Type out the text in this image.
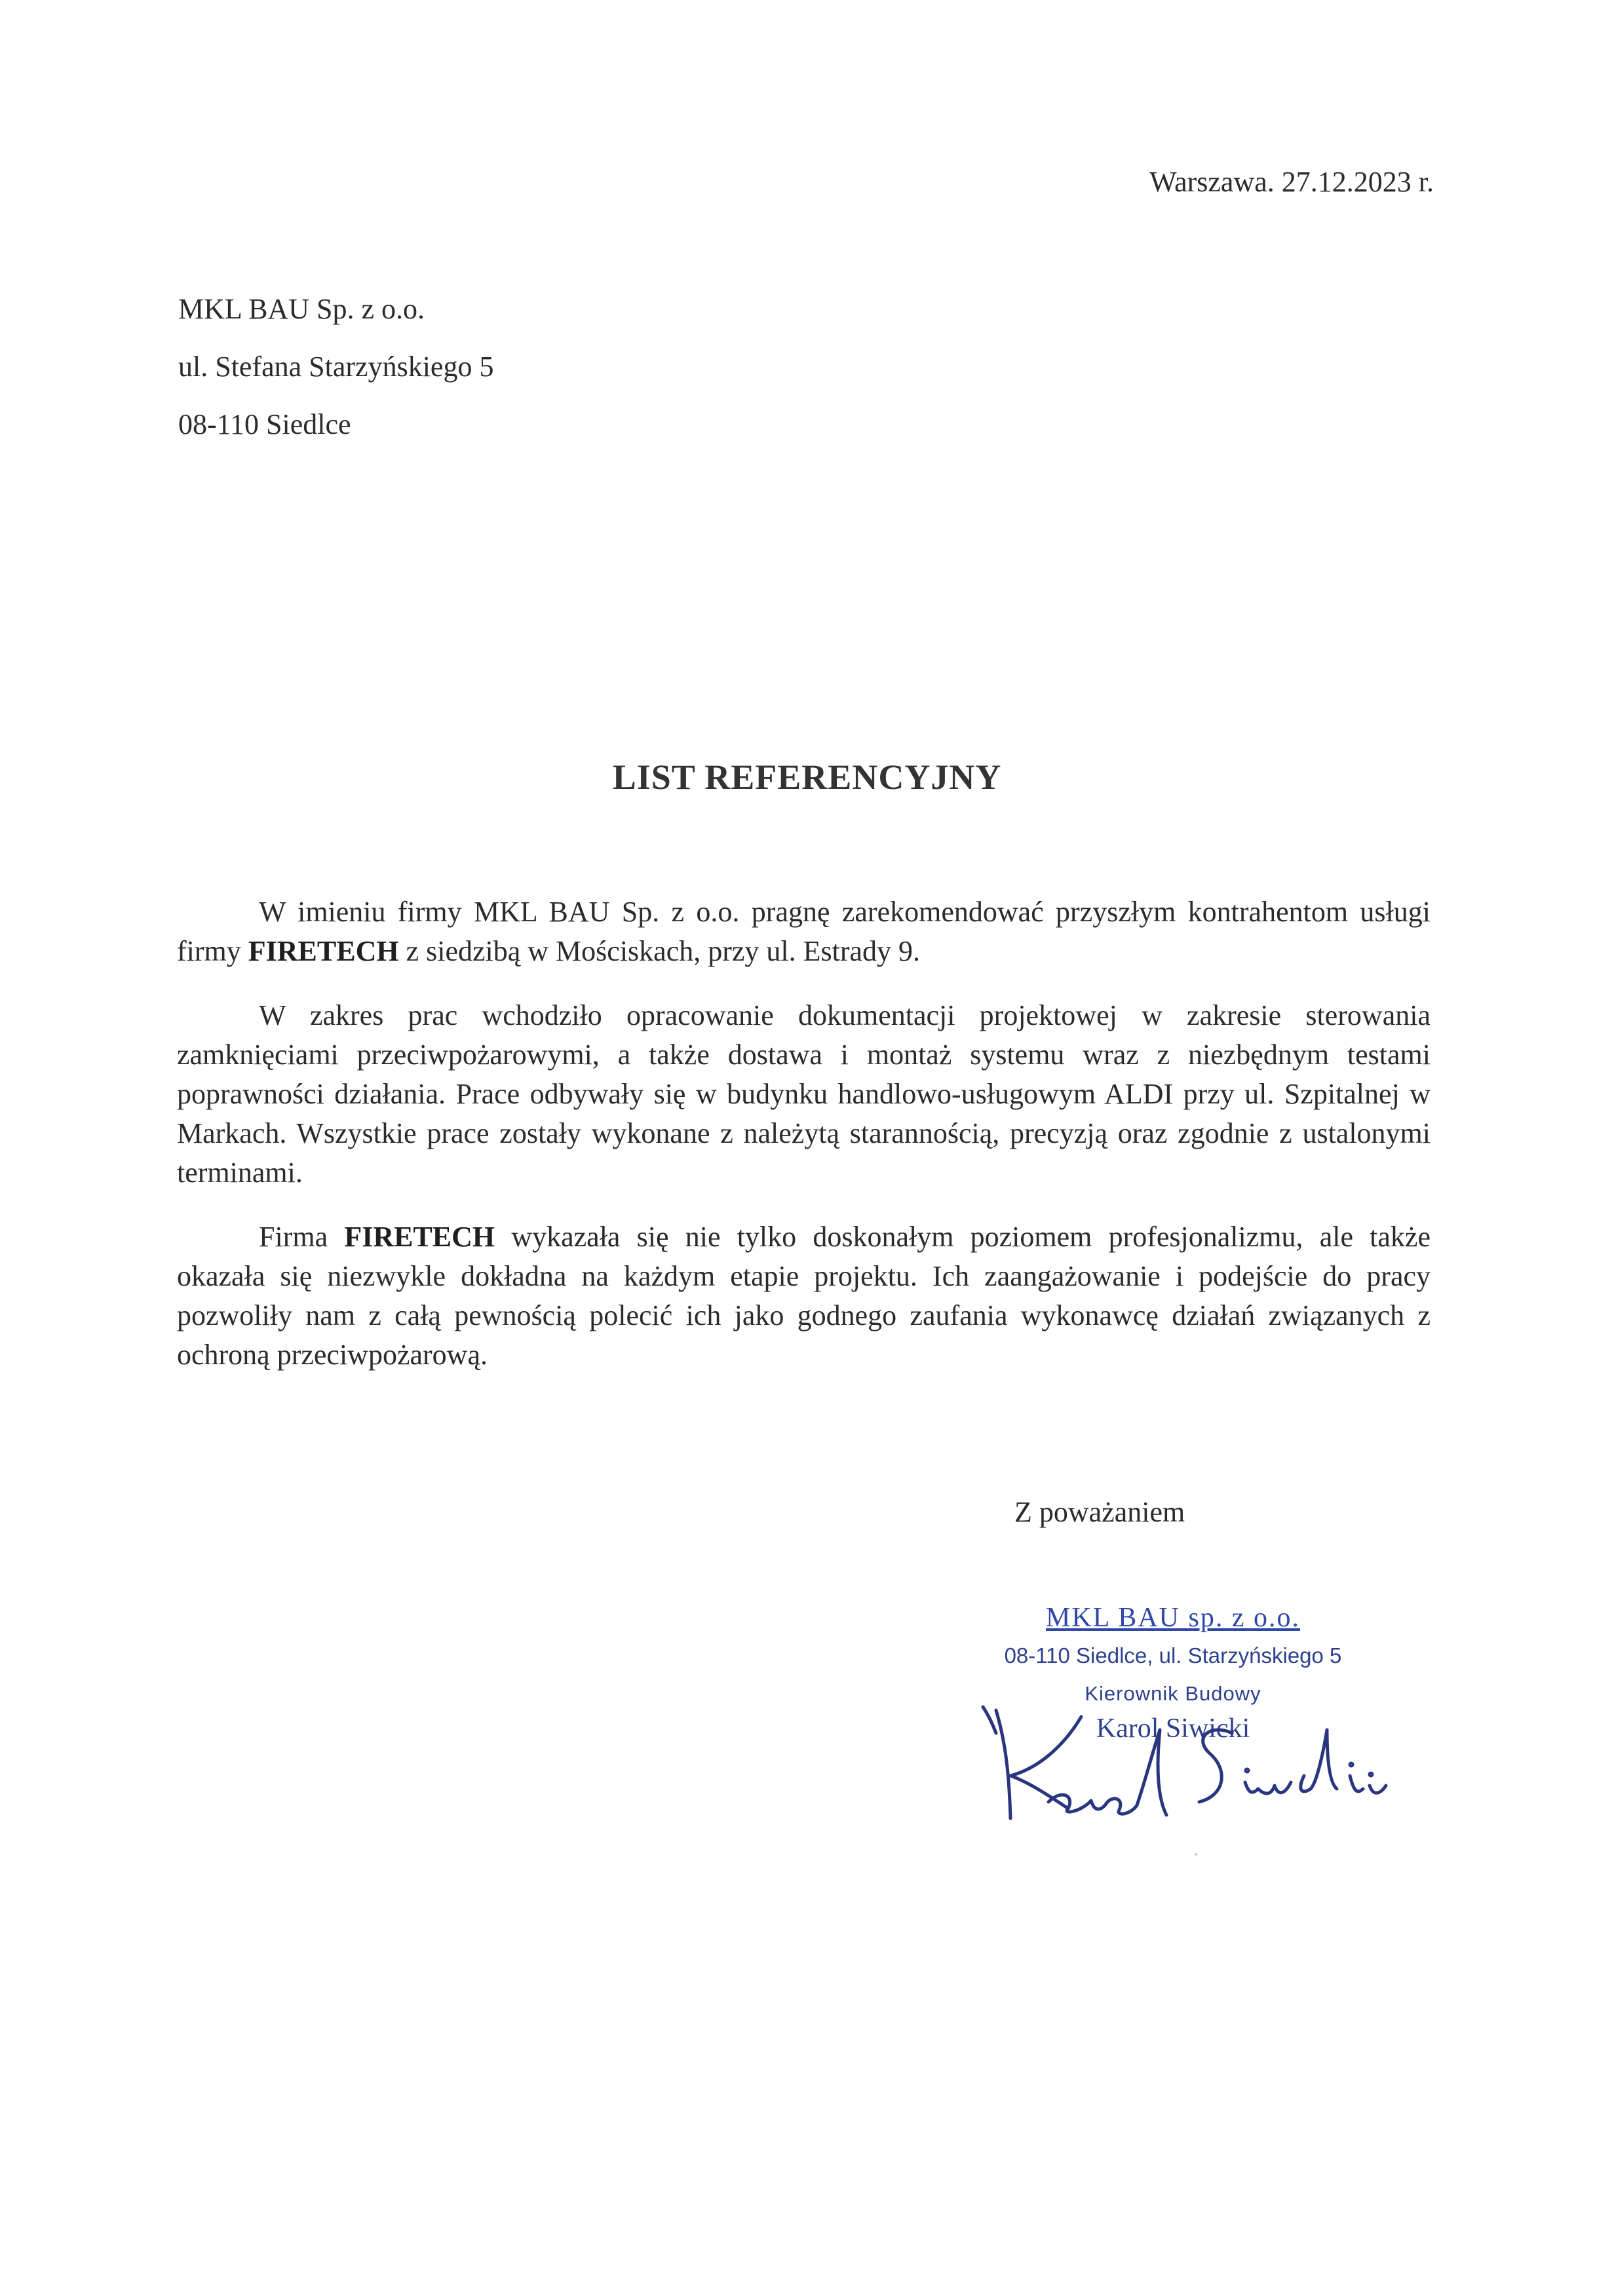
Warszawa. 27.12.2023 r.
MKL BAU Sp. z o.o.
ul. Stefana Starzyńskiego 5
08-110 Siedlce
LIST REFERENCYJNY

W imieniu firmy MKL BAU Sp. z o.o. pragnę zarekomendować przyszłym kontrahentom usługi firmy FIRETECH z siedzibą w Mościskach, przy ul. Estrady 9.

W zakres prac wchodziło opracowanie dokumentacji projektowej w zakresie sterowania zamknięciami przeciwpożarowymi, a także dostawa i montaż systemu wraz z niezbędnym testami poprawności działania. Prace odbywały się w budynku handlowo-usługowym ALDI przy ul. Szpitalnej w Markach. Wszystkie prace zostały wykonane z należytą starannością, precyzją oraz zgodnie z ustalonymi terminami.

Firma FIRETECH wykazała się nie tylko doskonałym poziomem profesjonalizmu, ale także okazała się niezwykle dokładna na każdym etapie projektu. Ich zaangażowanie i podejście do pracy pozwoliły nam z całą pewnością polecić ich jako godnego zaufania wykonawcę działań związanych z ochroną przeciwpożarową.

Z poważaniem
MKL BAU sp. z o.o.
08-110 Siedlce, ul. Starzyńskiego 5
Kierownik Budowy
Karol Siwicki
